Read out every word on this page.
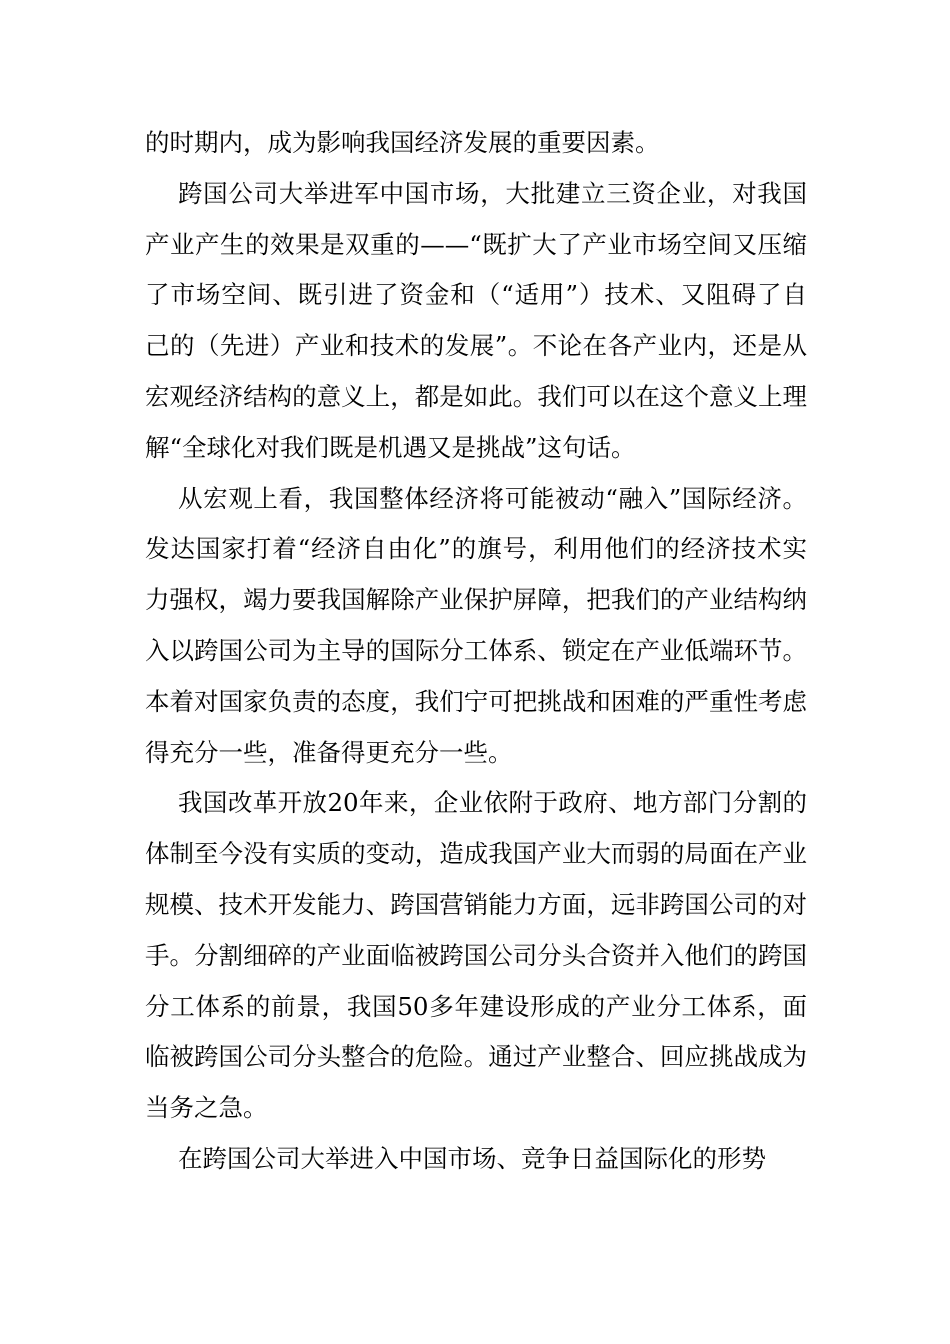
的时期内，成为影响我国经济发展的重要因素。

跨国公司大举进军中国市场，大批建立三资企业，对我国产业产生的效果是双重的——“既扩大了产业市场空间又压缩了市场空间、既引进了资金和（“适用”）技术、又阻碍了自己的（先进）产业和技术的发展”。不论在各产业内，还是从宏观经济结构的意义上，都是如此。我们可以在这个意义上理解“全球化对我们既是机遇又是挑战”这句话。

从宏观上看，我国整体经济将可能被动“融入”国际经济。发达国家打着“经济自由化”的旗号，利用他们的经济技术实力强权，竭力要我国解除产业保护屏障，把我们的产业结构纳入以跨国公司为主导的国际分工体系、锁定在产业低端环节。本着对国家负责的态度，我们宁可把挑战和困难的严重性考虑得充分一些，准备得更充分一些。

我国改革开放20年来，企业依附于政府、地方部门分割的体制至今没有实质的变动，造成我国产业大而弱的局面在产业规模、技术开发能力、跨国营销能力方面，远非跨国公司的对手。分割细碎的产业面临被跨国公司分头合资并入他们的跨国分工体系的前景，我国50多年建设形成的产业分工体系，面临被跨国公司分头整合的危险。通过产业整合、回应挑战成为当务之急。

在跨国公司大举进入中国市场、竞争日益国际化的形势
